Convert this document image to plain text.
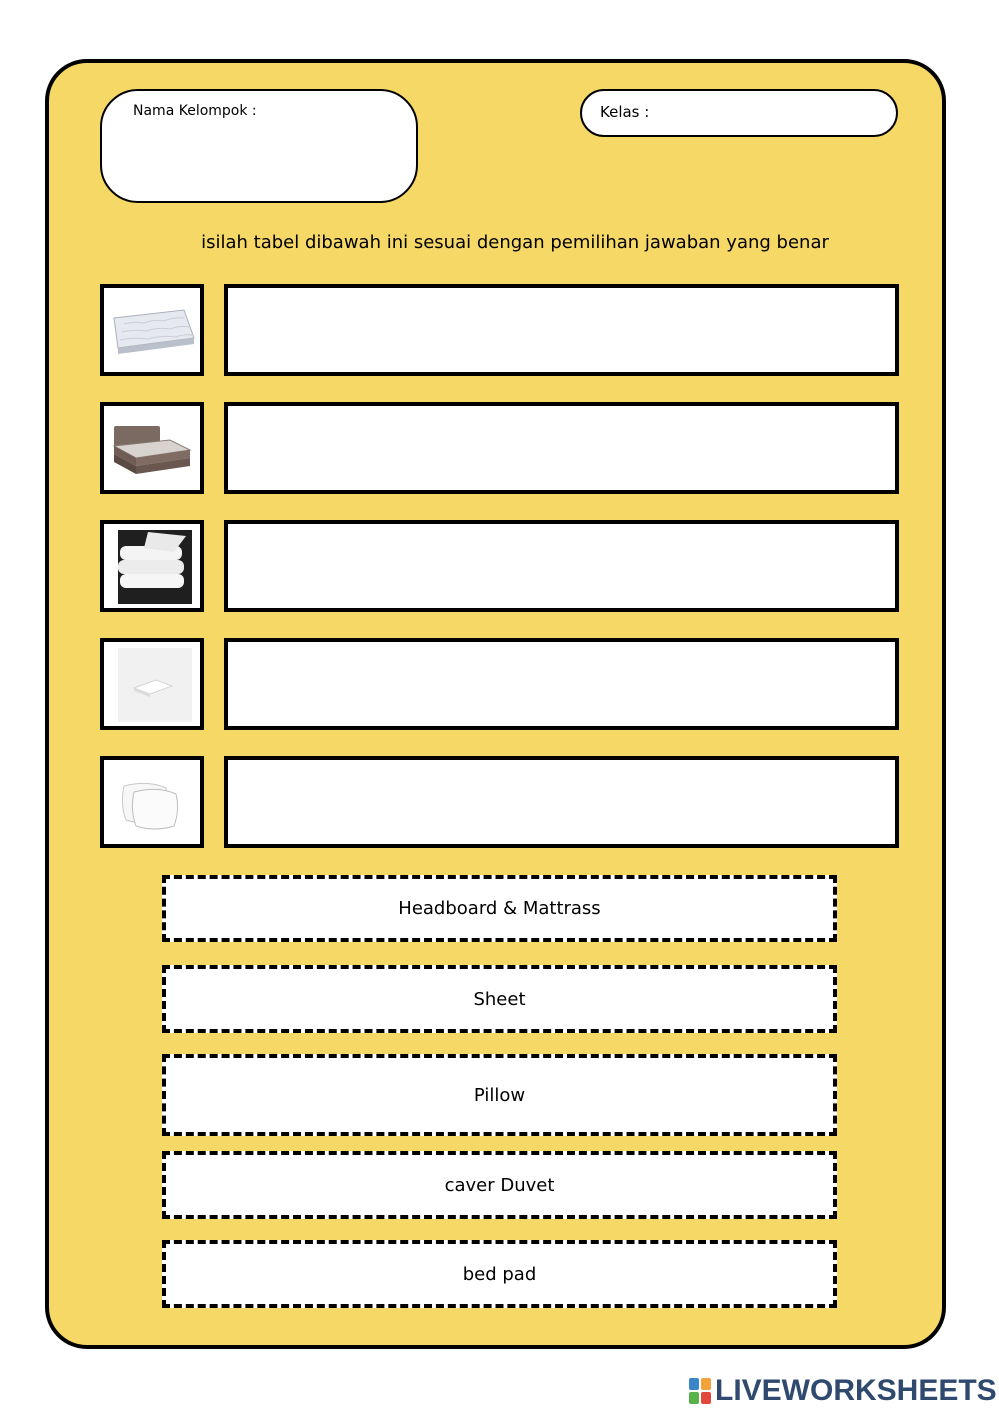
Nama Kelompok :	Kelas :
isilah tabel dibawah ini sesuai dengan pemilihan jawaban yang benar
Headboard & Mattrass
Sheet
Pillow
caver Duvet
bed pad
LIVEWORKSHEETS
